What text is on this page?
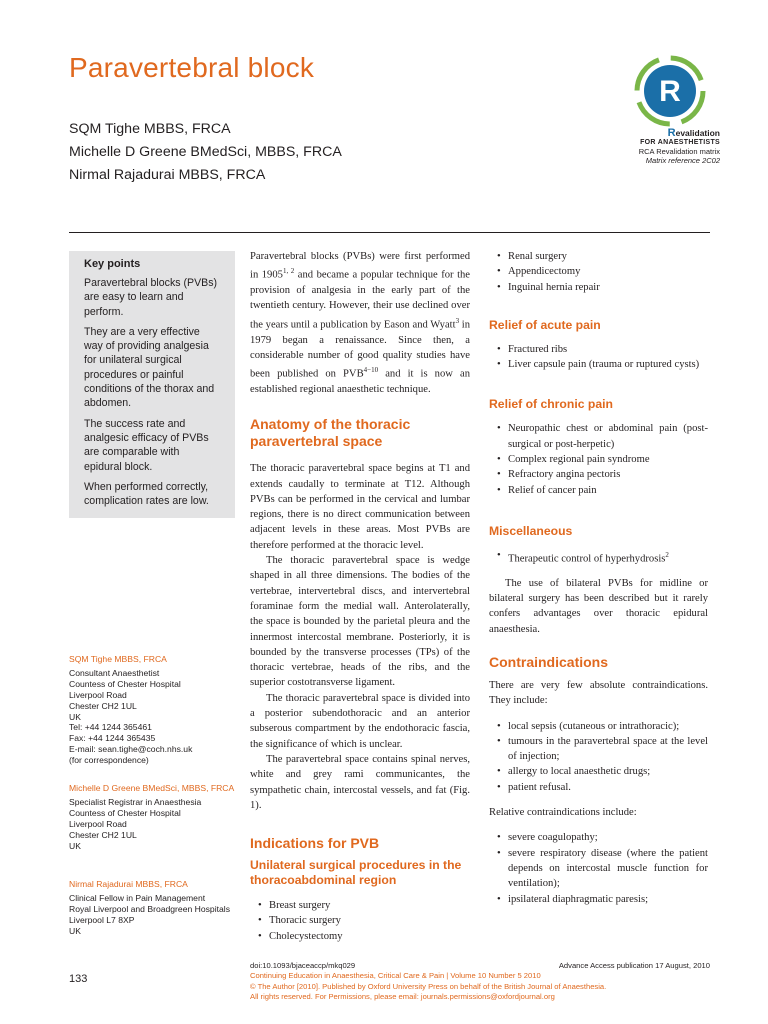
Paravertebral block
SQM Tighe MBBS, FRCA
Michelle D Greene BMedSci, MBBS, FRCA
Nirmal Rajadurai MBBS, FRCA
R
Revalidation
FOR ANAESTHETISTS
RCA Revalidation matrix
Matrix reference 2C02
Key points
Paravertebral blocks (PVBs) are easy to learn and perform.
They are a very effective way of providing analgesia for unilateral surgical procedures or painful conditions of the thorax and abdomen.
The success rate and analgesic efficacy of PVBs are comparable with epidural block.
When performed correctly, complication rates are low.
SQM Tighe MBBS, FRCA
Consultant Anaesthetist
Countess of Chester Hospital
Liverpool Road
Chester CH2 1UL
UK
Tel: +44 1244 365461
Fax: +44 1244 365435
E-mail: sean.tighe@coch.nhs.uk
(for correspondence)
Michelle D Greene BMedSci, MBBS, FRCA
Specialist Registrar in Anaesthesia
Countess of Chester Hospital
Liverpool Road
Chester CH2 1UL
UK
Nirmal Rajadurai MBBS, FRCA
Clinical Fellow in Pain Management
Royal Liverpool and Broadgreen Hospitals
Liverpool L7 8XP
UK
133

Paravertebral blocks (PVBs) were first performed in 1905$^{1, 2}$ and became a popular technique for the provision of analgesia in the early part of the twentieth century. However, their use declined over the years until a publication by Eason and Wyatt$^3$ in 1979 began a renaissance. Since then, a considerable number of good quality studies have been published on $PVB^{4-10}$ and it is now an established regional anaesthetic technique.

Anatomy of the thoracic paravertebral space

The thoracic paravertebral space begins at T1 and extends caudally to terminate at T12. Although PVBs can be performed in the cervical and lumbar regions, there is no direct communication between adjacent levels in these areas. Most PVBs are therefore performed at the thoracic level.

The thoracic paravertebral space is wedge shaped in all three dimensions. The bodies of the vertebrae, intervertebral discs, and intervertebral foraminae form the medial wall. Anterolaterally, the space is bounded by the parietal pleura and the innermost intercostal membrane. Posteriorly, it is bounded by the transverse processes (TPs) of the thoracic vertebrae, heads of the ribs, and the superior costotransverse ligament.

The thoracic paravertebral space is divided into a posterior subendothoracic and an anterior subserous compartment by the endothoracic fascia, the significance of which is unclear.

The paravertebral space contains spinal nerves, white and grey rami communicantes, the sympathetic chain, intercostal vessels, and fat (Fig. 1).

Indications for PVB
Unilateral surgical procedures in the thoracoabdominal region
• Breast surgery
• Thoracic surgery
• Cholecystectomy
• Renal surgery
• Appendicectomy
• Inguinal hernia repair
Relief of acute pain
• Fractured ribs
• Liver capsule pain (trauma or ruptured cysts)
Relief of chronic pain
• Neuropathic chest or abdominal pain (post-surgical or post-herpetic)
• Complex regional pain syndrome
• Refractory angina pectoris
• Relief of cancer pain
Miscellaneous
• Therapeutic control of hyperhydrosis$^2$

The use of bilateral PVBs for midline or bilateral surgery has been described but it rarely confers advantages over thoracic epidural anaesthesia.

Contraindications

There are very few absolute contraindications. They include:

• local sepsis (cutaneous or intrathoracic);
• tumours in the paravertebral space at the level of injection;
• allergy to local anaesthetic drugs;
• patient refusal.

Relative contraindications include:

• severe coagulopathy;
• severe respiratory disease (where the patient depends on intercostal muscle function for ventilation);
• ipsilateral diaphragmatic paresis;
doi:10.1093/bjaceaccp/mkq029	Advance Access publication 17 August, 2010
Continuing Education in Anaesthesia, Critical Care & Pain | Volume 10 Number 5 2010
© The Author [2010]. Published by Oxford University Press on behalf of the British Journal of Anaesthesia.
All rights reserved. For Permissions, please email: journals.permissions@oxfordjournal.org
